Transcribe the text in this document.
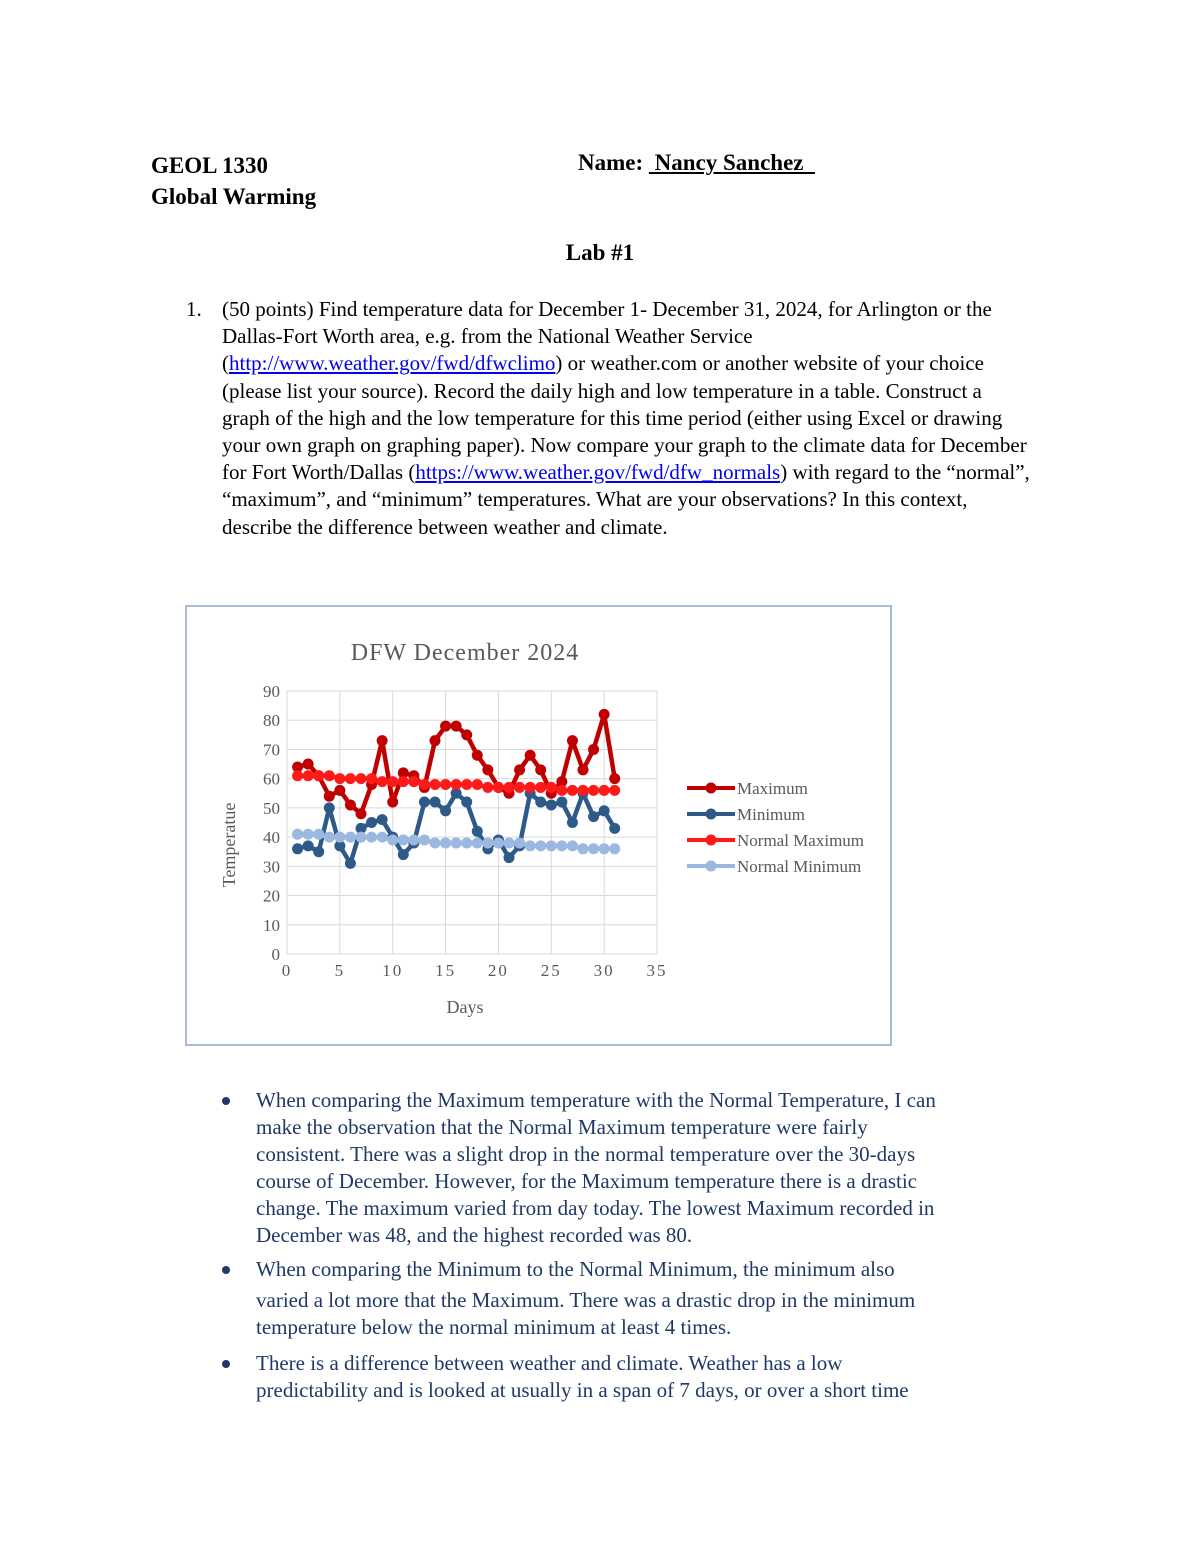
GEOL 1330
Global Warming
Name:  Nancy Sanchez
Lab #1
1. (50 points) Find temperature data for December 1- December 31, 2024, for Arlington or the Dallas-Fort Worth area, e.g. from the National Weather Service (http://www.weather.gov/fwd/dfwclimo) or weather.com or another website of your choice (please list your source). Record the daily high and low temperature in a table. Construct a graph of the high and the low temperature for this time period (either using Excel or drawing your own graph on graphing paper). Now compare your graph to the climate data for December for Fort Worth/Dallas (https://www.weather.gov/fwd/dfw_normals) with regard to the “normal”, “maximum”, and “minimum” temperatures. What are your observations? In this context, describe the difference between weather and climate.
DFW December 2024
Temperatue
Days
0
10
20
30
40
50
60
70
80
90
0 5 10 15 20 25 30 35
Maximum
Minimum
Normal Maximum
Normal Minimum
When comparing the Maximum temperature with the Normal Temperature, I can
make the observation that the Normal Maximum temperature were fairly
consistent. There was a slight drop in the normal temperature over the 30-days
course of December. However, for the Maximum temperature there is a drastic
change. The maximum varied from day today. The lowest Maximum recorded in
December was 48, and the highest recorded was 80.
When comparing the Minimum to the Normal Minimum, the minimum also
varied a lot more that the Maximum. There was a drastic drop in the minimum
temperature below the normal minimum at least 4 times.
There is a difference between weather and climate. Weather has a low
predictability and is looked at usually in a span of 7 days, or over a short time
